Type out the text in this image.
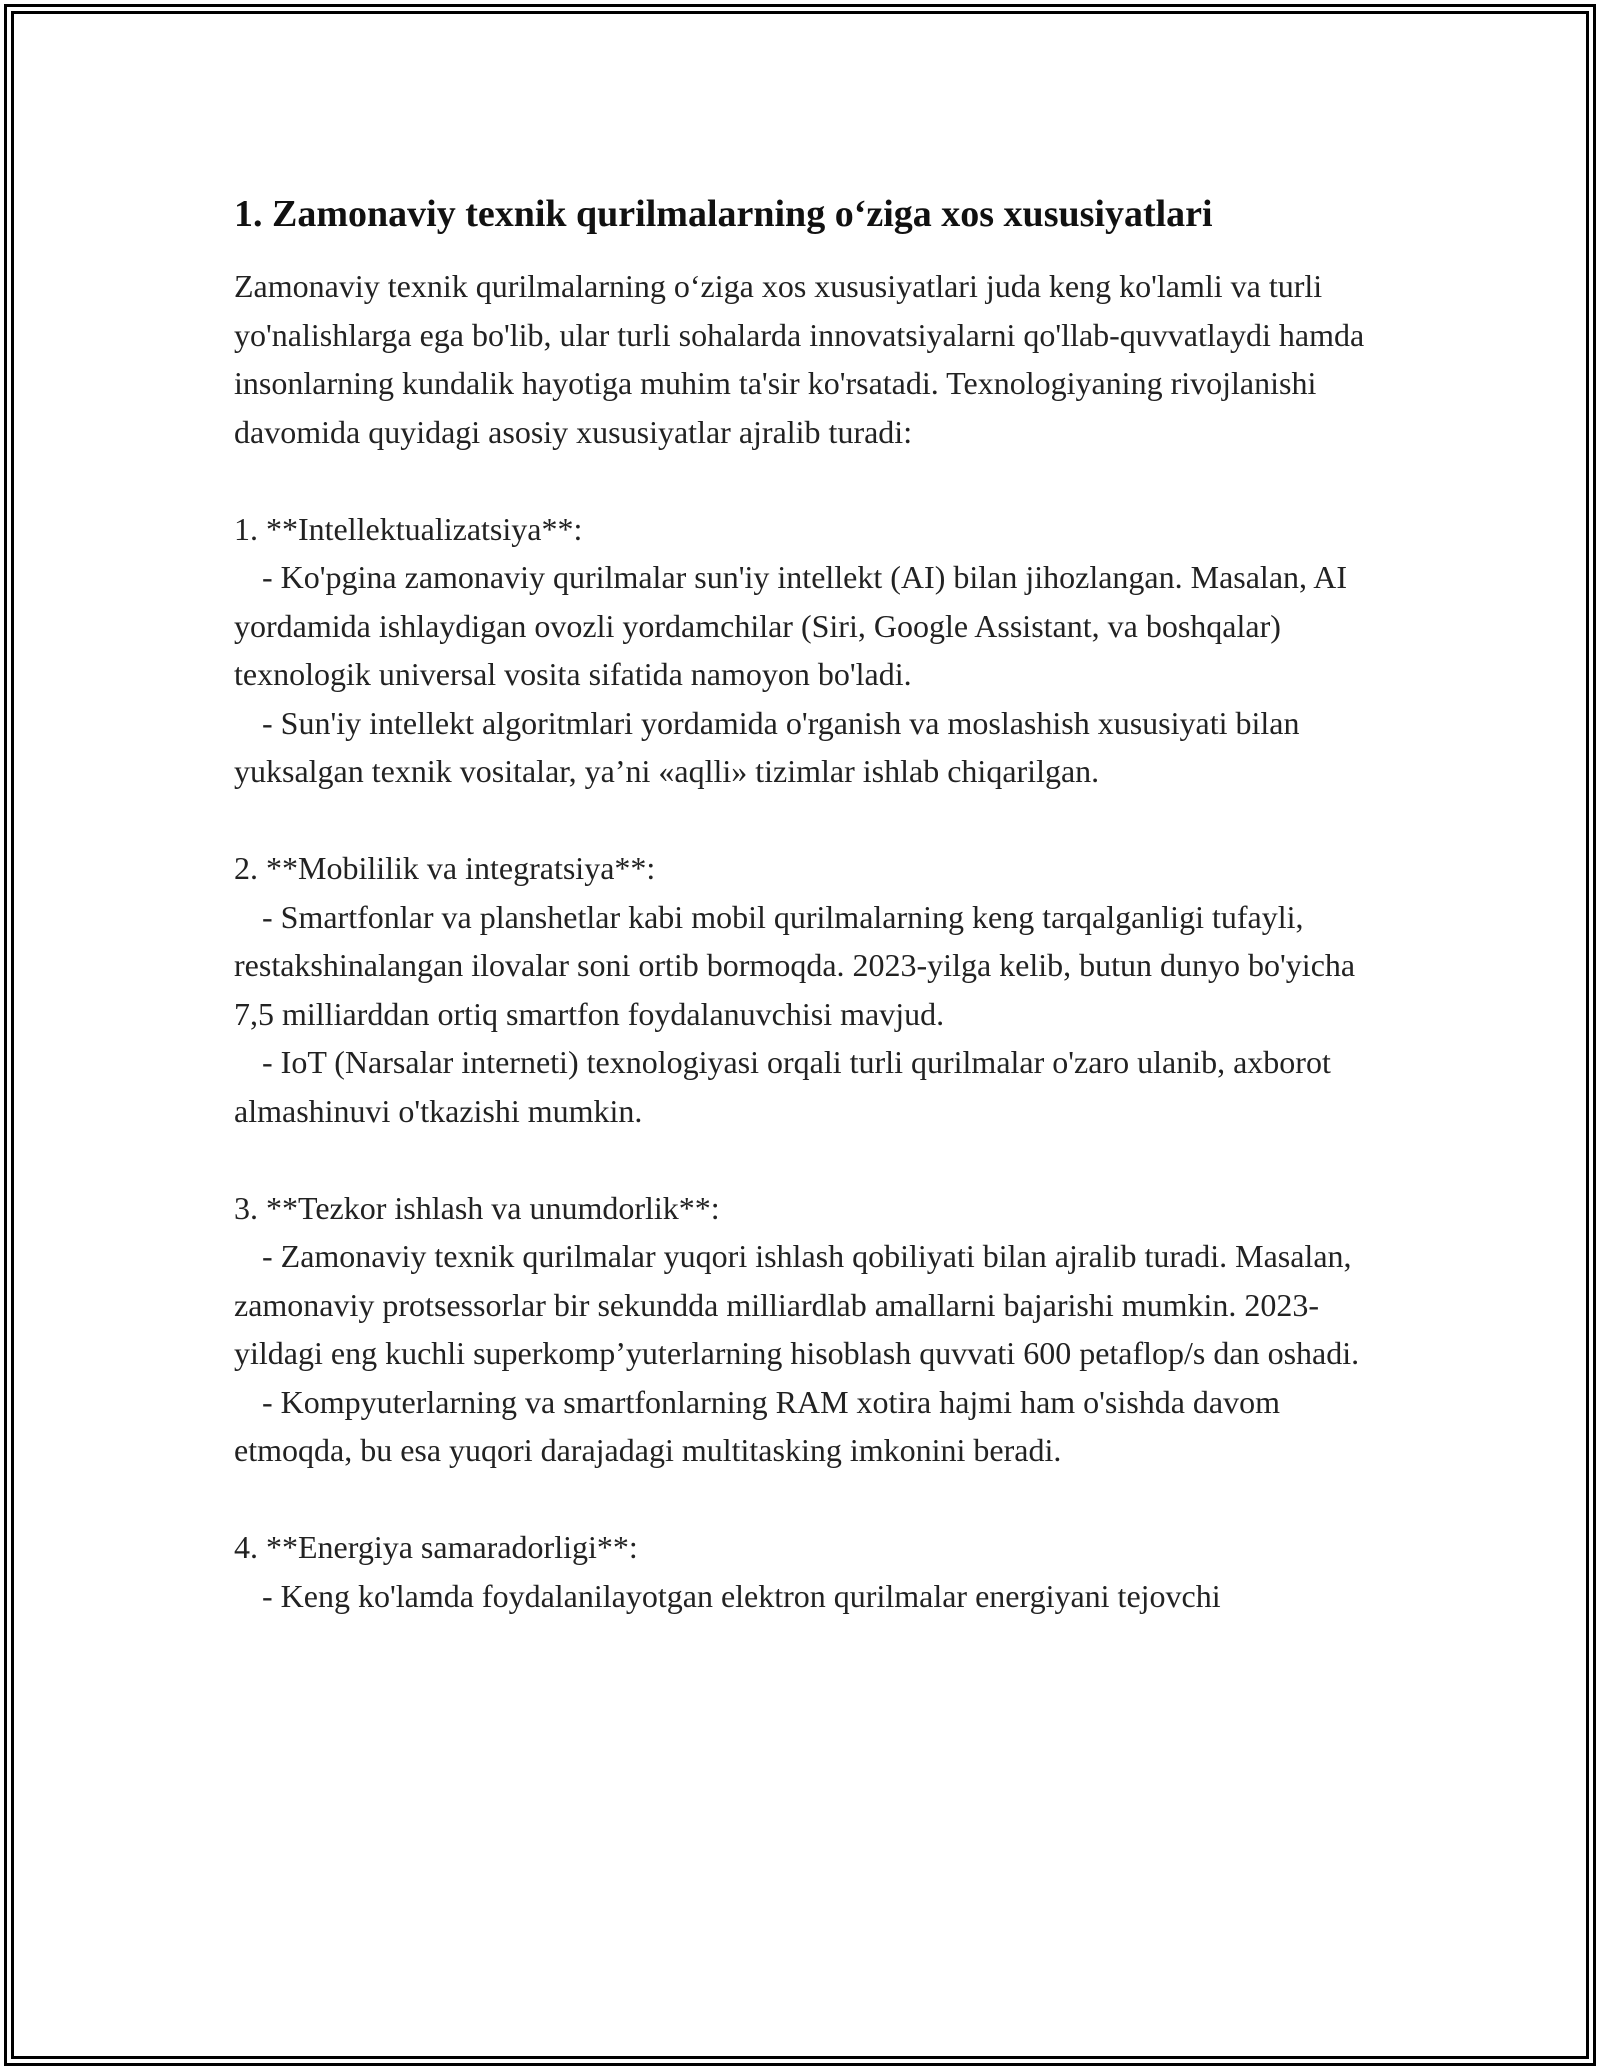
1. Zamonaviy texnik qurilmalarning o‘ziga xos xususiyatlari

Zamonaviy texnik qurilmalarning o‘ziga xos xususiyatlari juda keng ko'lamli va turli yo'nalishlarga ega bo'lib, ular turli sohalarda innovatsiyalarni qo'llab-quvvatlaydi hamda insonlarning kundalik hayotiga muhim ta'sir ko'rsatadi. Texnologiyaning rivojlanishi davomida quyidagi asosiy xususiyatlar ajralib turadi:

1. **Intellektualizatsiya**:
- Ko'pgina zamonaviy qurilmalar sun'iy intellekt (AI) bilan jihozlangan. Masalan, AI yordamida ishlaydigan ovozli yordamchilar (Siri, Google Assistant, va boshqalar) texnologik universal vosita sifatida namoyon bo'ladi.
- Sun'iy intellekt algoritmlari yordamida o'rganish va moslashish xususiyati bilan yuksalgan texnik vositalar, ya’ni «aqlli» tizimlar ishlab chiqarilgan.
2. **Mobililik va integratsiya**:
- Smartfonlar va planshetlar kabi mobil qurilmalarning keng tarqalganligi tufayli, restakshinalangan ilovalar soni ortib bormoqda. 2023-yilga kelib, butun dunyo bo'yicha 7,5 milliarddan ortiq smartfon foydalanuvchisi mavjud.
- IoT (Narsalar interneti) texnologiyasi orqali turli qurilmalar o'zaro ulanib, axborot almashinuvi o'tkazishi mumkin.
3. **Tezkor ishlash va unumdorlik**:
- Zamonaviy texnik qurilmalar yuqori ishlash qobiliyati bilan ajralib turadi. Masalan, zamonaviy protsessorlar bir sekundda milliardlab amallarni bajarishi mumkin. 2023-yildagi eng kuchli superkomp’yuterlarning hisoblash quvvati 600 petaflop/s dan oshadi.
- Kompyuterlarning va smartfonlarning RAM xotira hajmi ham o'sishda davom etmoqda, bu esa yuqori darajadagi multitasking imkonini beradi.
4. **Energiya samaradorligi**:
- Keng ko'lamda foydalanilayotgan elektron qurilmalar energiyani tejovchi
